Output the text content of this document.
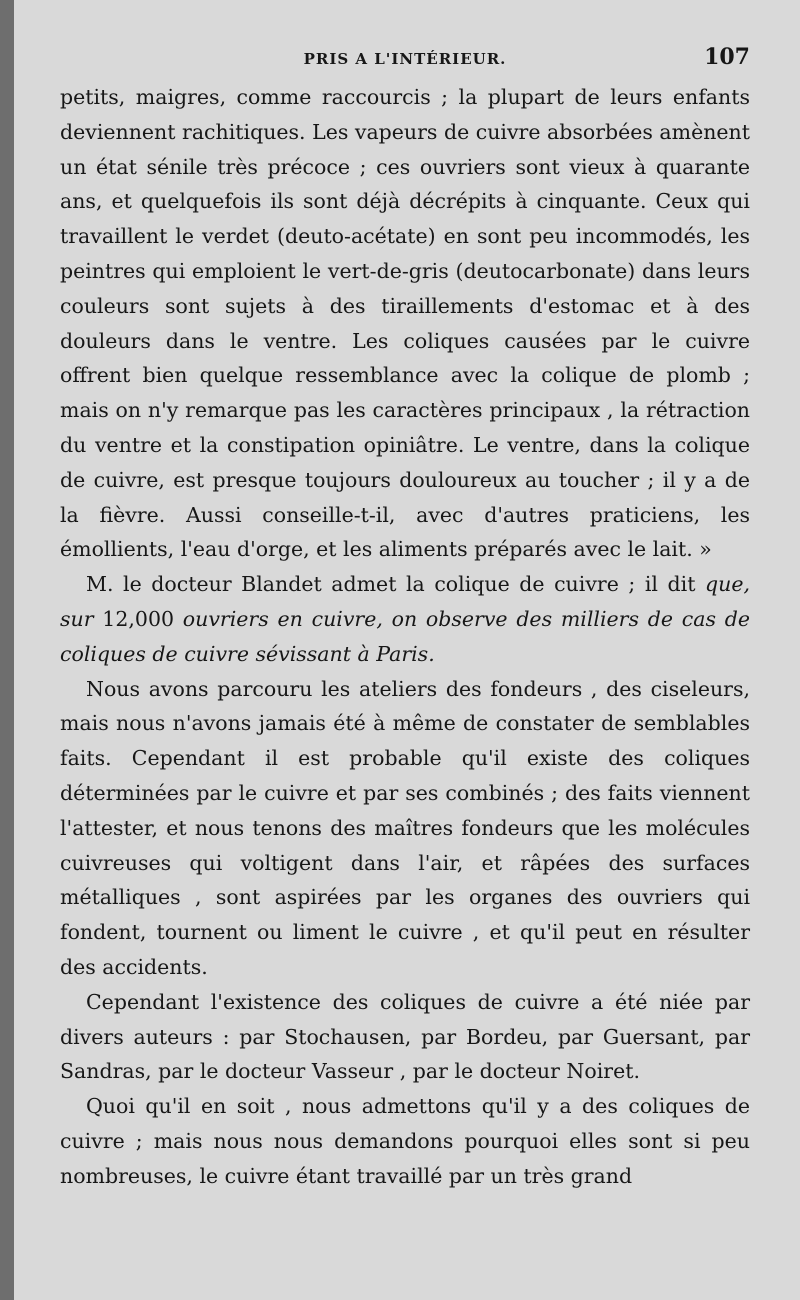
PRIS A L'INTÉRIEUR.	107

petits, maigres, comme raccourcis ; la plupart de leurs enfants deviennent rachitiques. Les vapeurs de cuivre absorbées amènent un état sénile très précoce ; ces ouvriers sont vieux à quarante ans, et quelquefois ils sont déjà décrépits à cinquante. Ceux qui travaillent le verdet (deuto-acétate) en sont peu incommodés, les peintres qui emploient le vert-de-gris (deutocarbonate) dans leurs couleurs sont sujets à des tiraillements d'estomac et à des douleurs dans le ventre. Les coliques causées par le cuivre offrent bien quelque ressemblance avec la colique de plomb ; mais on n'y remarque pas les caractères principaux , la rétraction du ventre et la constipation opiniâtre. Le ventre, dans la colique de cuivre, est presque toujours douloureux au toucher ; il y a de la fièvre. Aussi conseille-t-il, avec d'autres praticiens, les émollients, l'eau d'orge, et les aliments préparés avec le lait. »

M. le docteur Blandet admet la colique de cuivre ; il dit que, sur 12,000 ouvriers en cuivre, on observe des milliers de cas de coliques de cuivre sévissant à Paris.

Nous avons parcouru les ateliers des fondeurs , des ciseleurs, mais nous n'avons jamais été à même de constater de semblables faits. Cependant il est probable qu'il existe des coliques déterminées par le cuivre et par ses combinés ; des faits viennent l'attester, et nous tenons des maîtres fondeurs que les molécules cuivreuses qui voltigent dans l'air, et râpées des surfaces métalliques , sont aspirées par les organes des ouvriers qui fondent, tournent ou liment le cuivre , et qu'il peut en résulter des accidents.

Cependant l'existence des coliques de cuivre a été niée par divers auteurs : par Stochausen, par Bordeu, par Guersant, par Sandras, par le docteur Vasseur , par le docteur Noiret.

Quoi qu'il en soit , nous admettons qu'il y a des coliques de cuivre ; mais nous nous demandons pourquoi elles sont si peu nombreuses, le cuivre étant travaillé par un très grand
